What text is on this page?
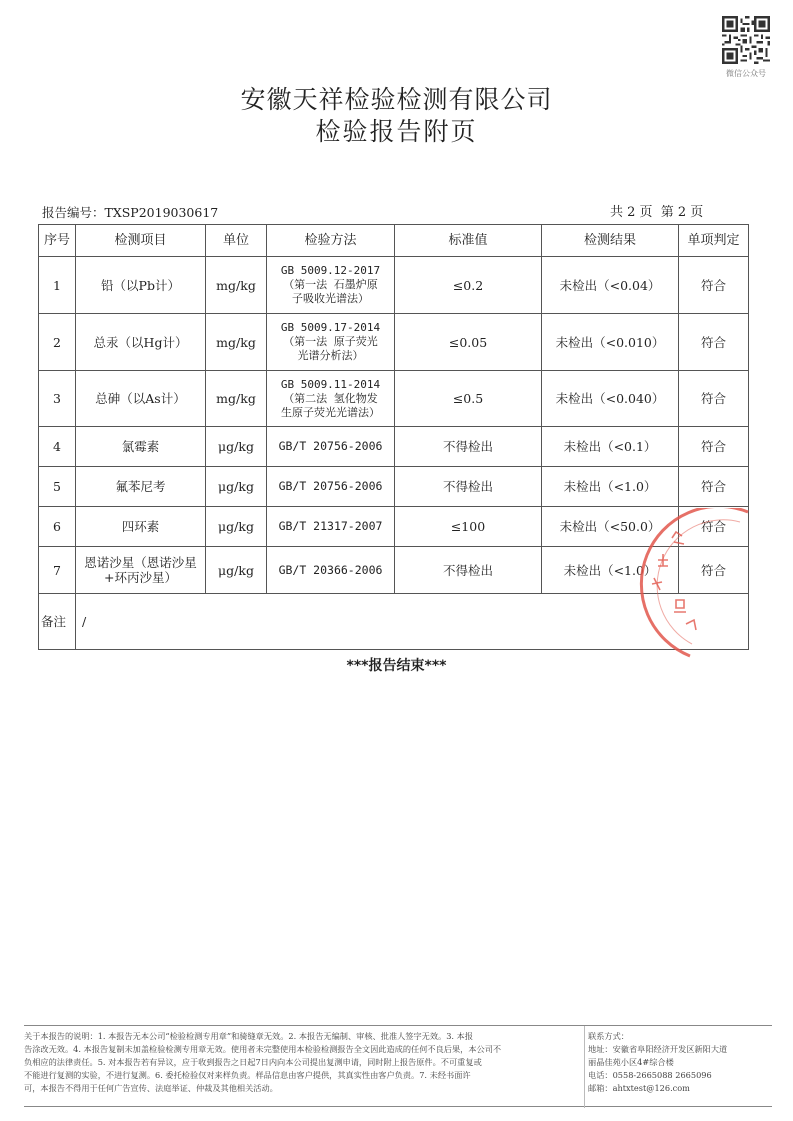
微信公众号
安徽天祥检验检测有限公司
检验报告附页
报告编号：TXSP2019030617	共 2 页 第 2 页
序号	检测项目	单位	检验方法	标准值	检测结果	单项判定
1	铅（以Pb计）	mg/kg	GB 5009.12-2017
（第一法 石墨炉原
子吸收光谱法）	≤0.2	未检出（<0.04）	符合
2	总汞（以Hg计）	mg/kg	GB 5009.17-2014
（第一法 原子荧光
光谱分析法）	≤0.05	未检出（<0.010）	符合
3	总砷（以As计）	mg/kg	GB 5009.11-2014
（第二法 氢化物发
生原子荧光光谱法）	≤0.5	未检出（<0.040）	符合
4	氯霉素	μg/kg	GB/T 20756-2006	不得检出	未检出（<0.1）	符合
5	氟苯尼考	μg/kg	GB/T 20756-2006	不得检出	未检出（<1.0）	符合
6	四环素	μg/kg	GB/T 21317-2007	≤100	未检出（<50.0）	符合
7	恩诺沙星（恩诺沙星+环丙沙星）	μg/kg	GB/T 20366-2006	不得检出	未检出（<1.0）	符合
备注	/					
***报告结束***
关于本报告的说明：1. 本报告无本公司“检验检测专用章”和骑缝章无效。2. 本报告无编制、审核、批准人签字无效。3. 本报
告涂改无效。4. 本报告复制未加盖检验检测专用章无效。使用者未完整使用本检验检测报告全文因此造成的任何不良后果，本公司不
负相应的法律责任。5. 对本报告若有异议，应于收到报告之日起7日内向本公司提出复测申请，同时附上报告原件。不可重复或
不能进行复测的实验，不进行复测。6. 委托检验仅对来样负责。样品信息由客户提供，其真实性由客户负责。7. 未经书面许
可，本报告不得用于任何广告宣传、法庭举证、仲裁及其他相关活动。
联系方式：
地址：安徽省阜阳经济开发区新阳大道
丽晶佳苑小区4#综合楼
电话：0558-2665088 2665096
邮箱：ahtxtest@126.com
